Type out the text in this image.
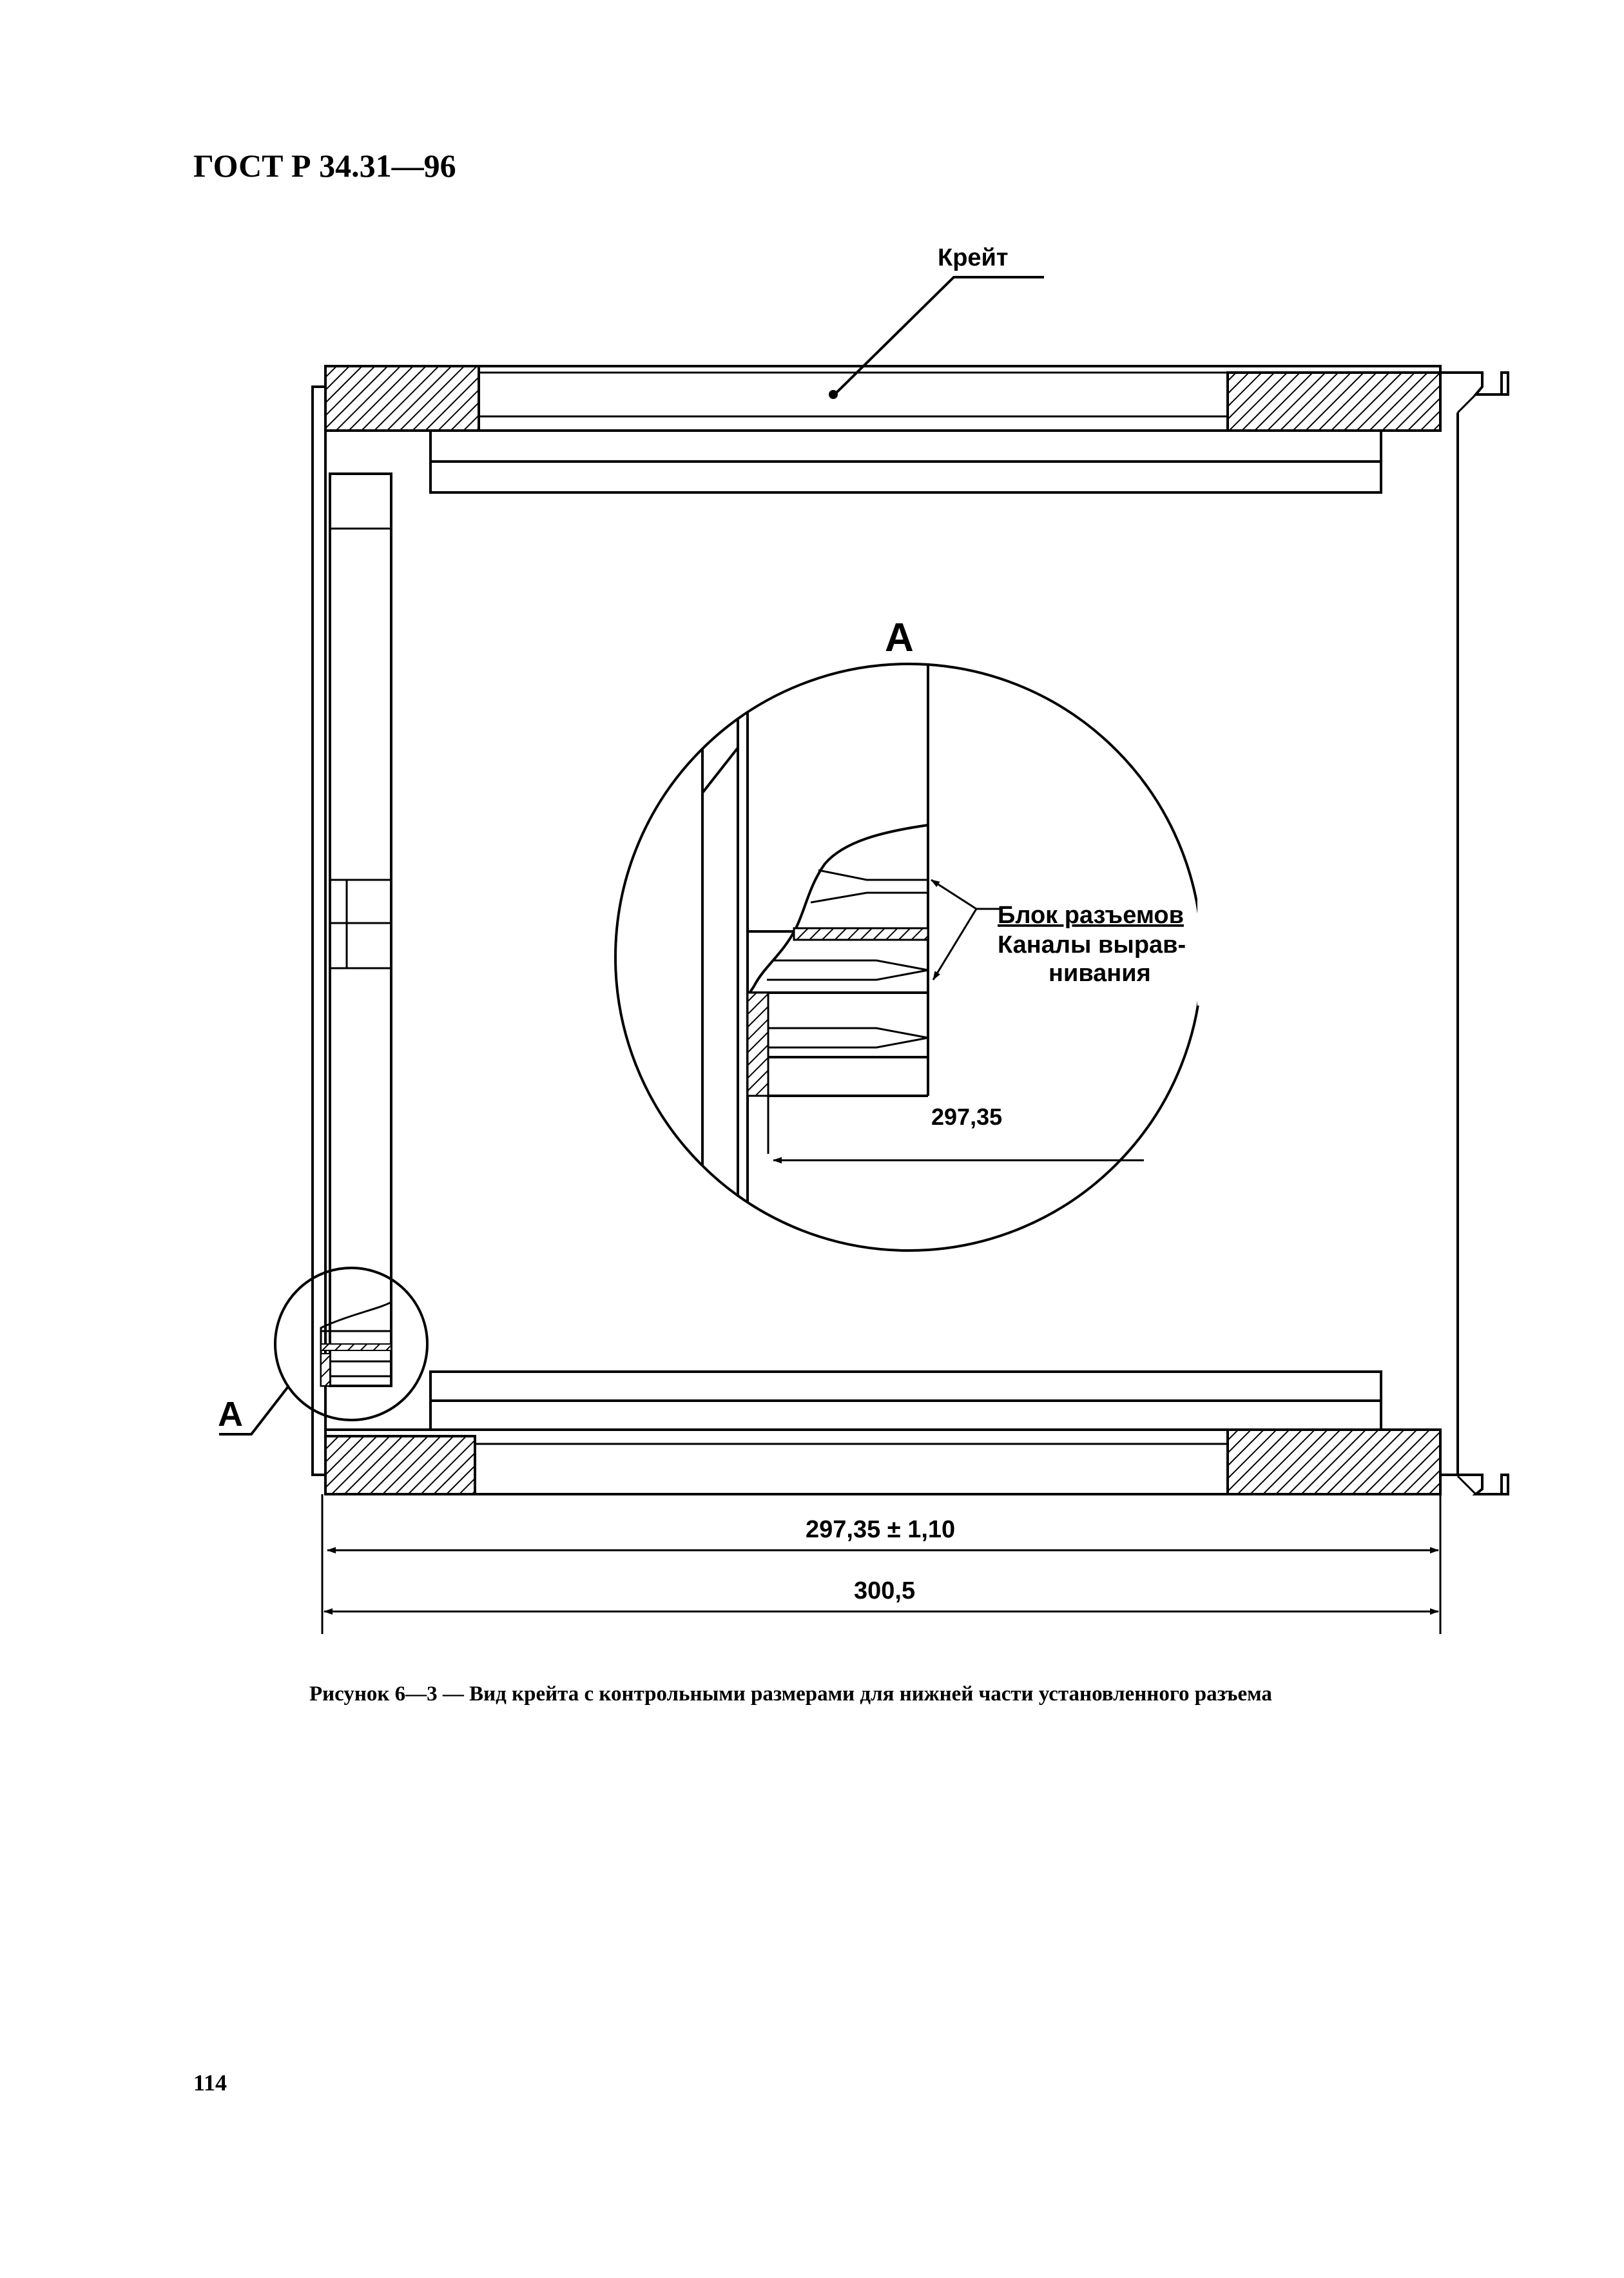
ГОСТ Р 34.31—96
Крейт
А
А
Блок разъемов
Каналы вырав-
нивания
297,35
297,35 ± 1,10
300,5
Рисунок 6—3 — Вид крейта с контрольными размерами для нижней части установленного разъема
114
